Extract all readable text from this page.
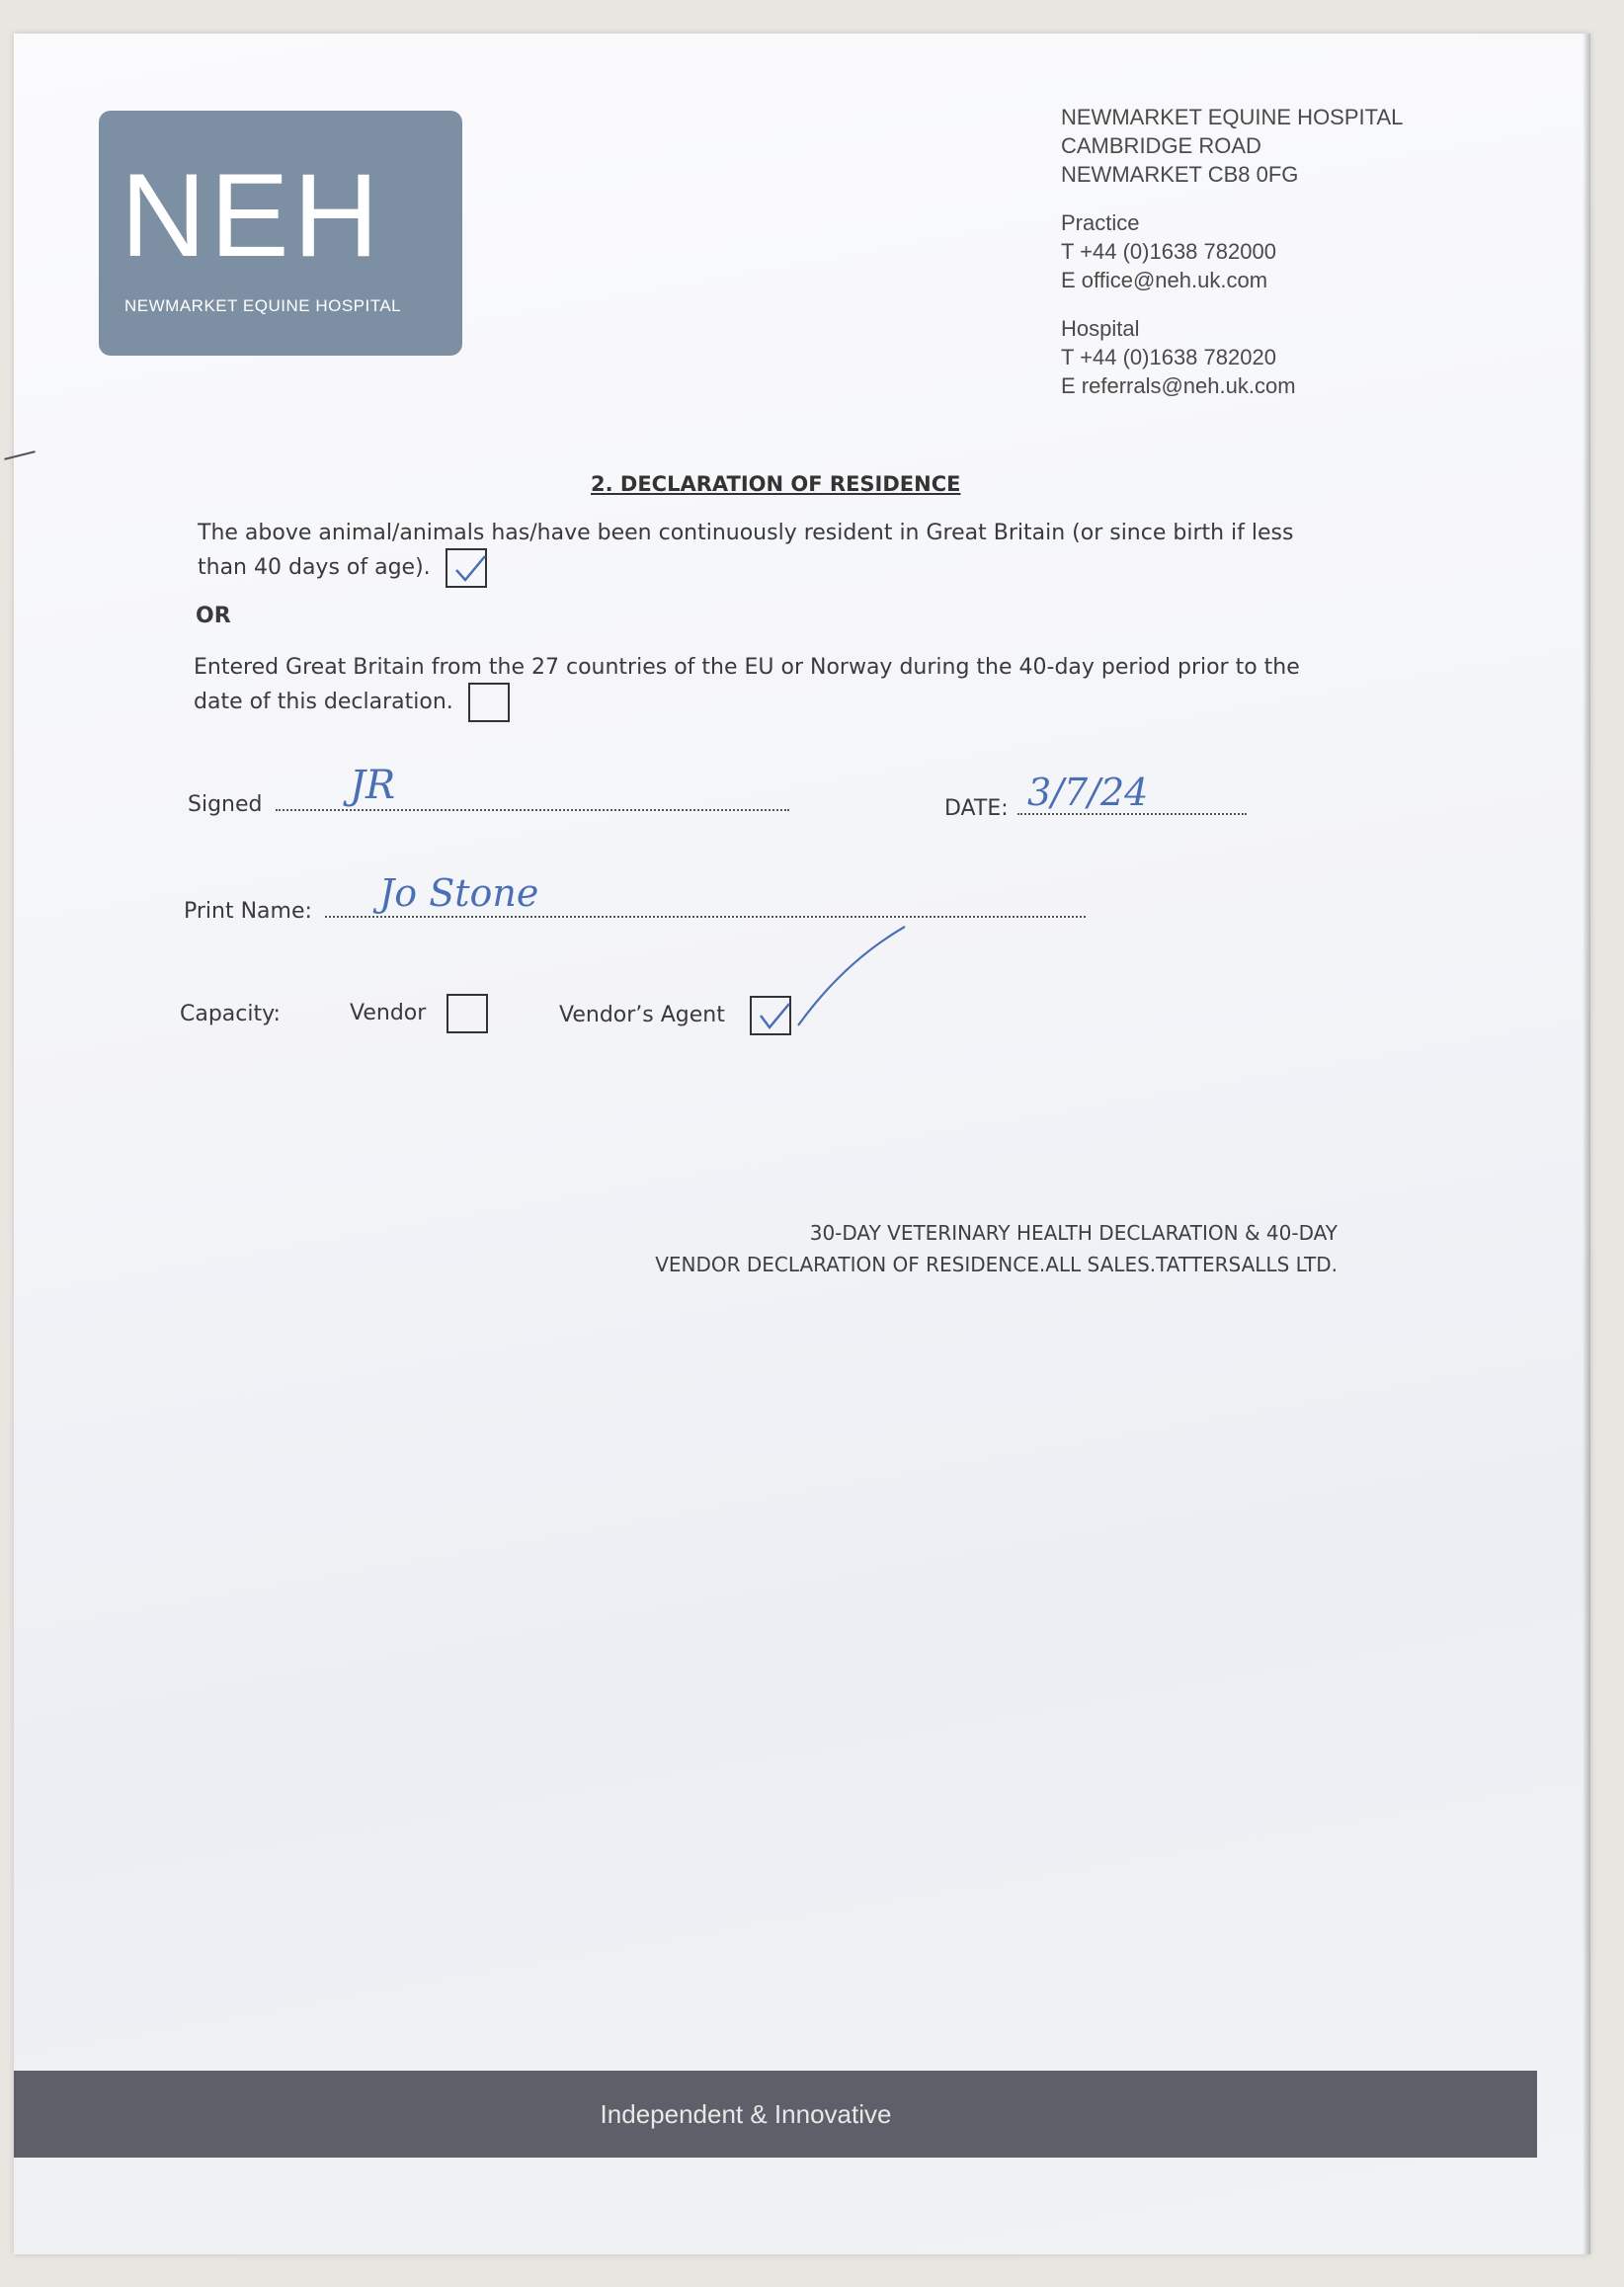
NEH
NEWMARKET EQUINE HOSPITAL
NEWMARKET EQUINE HOSPITAL
CAMBRIDGE ROAD
NEWMARKET CB8 0FG
Practice
T +44 (0)1638 782000
E office@neh.uk.com
Hospital
T +44 (0)1638 782020
E referrals@neh.uk.com
2. DECLARATION OF RESIDENCE
The above animal/animals has/have been continuously resident in Great Britain (or since birth if less than 40 days of age).
OR
Entered Great Britain from the 27 countries of the EU or Norway during the 40-day period prior to the date of this declaration.
Signed	JR
DATE: 3/7/24
Print Name:	Jo Stone
Capacity:	Vendor	Vendor’s Agent
30-DAY VETERINARY HEALTH DECLARATION & 40-DAY
VENDOR DECLARATION OF RESIDENCE.ALL SALES.TATTERSALLS LTD.
Independent & Innovative
